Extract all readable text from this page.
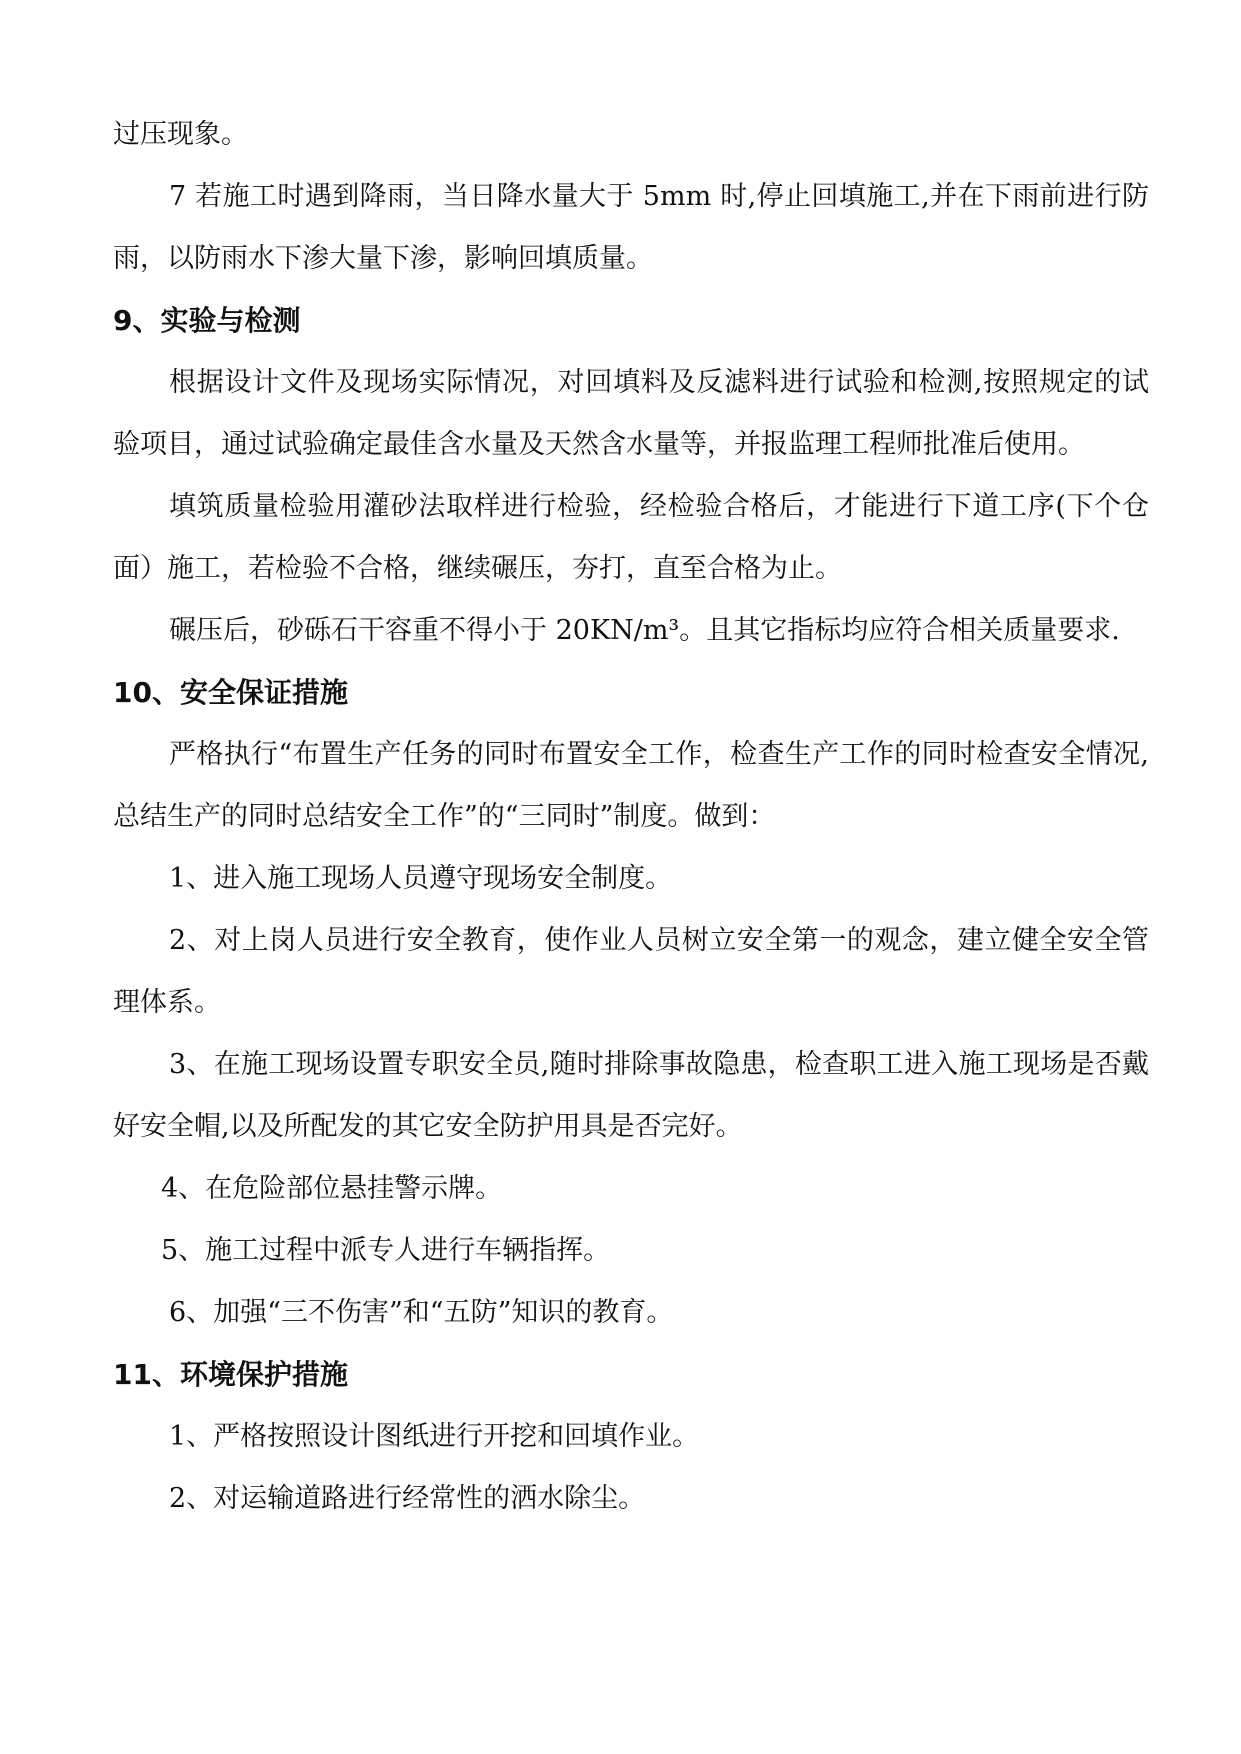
过压现象。

7 若施工时遇到降雨，当日降水量大于 5mm 时,停止回填施工,并在下雨前进行防雨，以防雨水下渗大量下渗，影响回填质量。

9、实验与检测

根据设计文件及现场实际情况，对回填料及反滤料进行试验和检测,按照规定的试验项目，通过试验确定最佳含水量及天然含水量等，并报监理工程师批准后使用。

填筑质量检验用灌砂法取样进行检验，经检验合格后，才能进行下道工序(下个仓面）施工，若检验不合格，继续碾压，夯打，直至合格为止。

碾压后，砂砾石干容重不得小于 20KN/m³。且其它指标均应符合相关质量要求.

10、安全保证措施

严格执行“布置生产任务的同时布置安全工作，检查生产工作的同时检查安全情况,总结生产的同时总结安全工作”的“三同时”制度。做到：

1、进入施工现场人员遵守现场安全制度。

2、对上岗人员进行安全教育，使作业人员树立安全第一的观念，建立健全安全管理体系。

3、在施工现场设置专职安全员,随时排除事故隐患，检查职工进入施工现场是否戴好安全帽,以及所配发的其它安全防护用具是否完好。

4、在危险部位悬挂警示牌。

5、施工过程中派专人进行车辆指挥。

6、加强“三不伤害”和“五防”知识的教育。

11、环境保护措施

1、严格按照设计图纸进行开挖和回填作业。

2、对运输道路进行经常性的洒水除尘。
